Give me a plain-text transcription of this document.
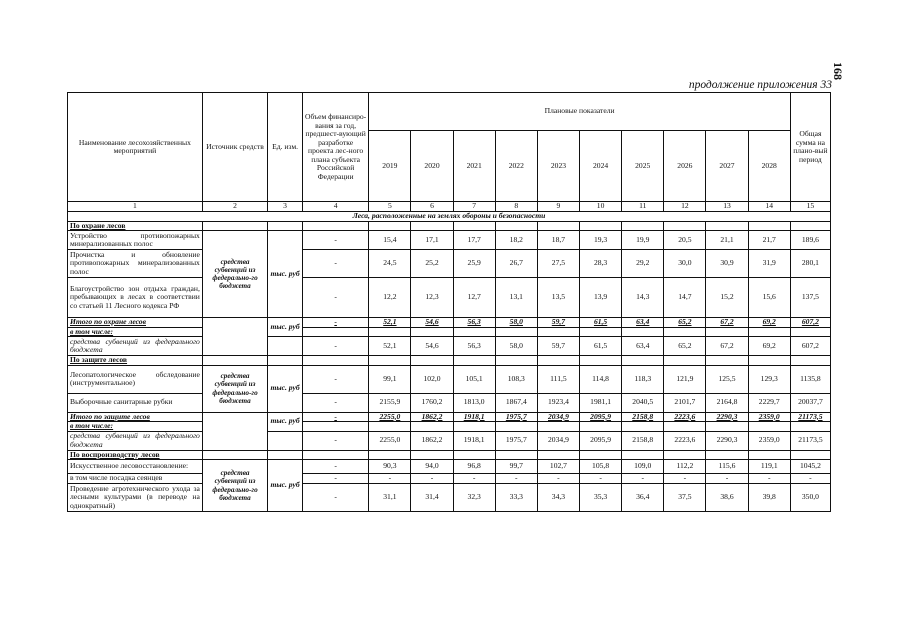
168
продолжение приложения 33
Наименование лесохозяйственных мероприятий	Источник средств	Ед. изм.	Объем финансиро-вания за год, предшест-вующий разработке проекта лес-ного плана субъекта Российской Федерации	Плановые показатели										Общая сумма на плано-вый период
				2019	2020	2021	2022	2023	2024	2025	2026	2027	2028	
1	2	3	4	5	6	7	8	9	10	11	12	13	14	15
Леса, расположенные на землях обороны и безопасности														
По охране лесов														
Устройство противопожарных минерализованных полос	средства субвенций из федерально-го бюджета	тыс. руб	-	15,4	17,1	17,7	18,2	18,7	19,3	19,9	20,5	21,1	21,7	189,6
Прочистка и обновление противопожарных минерализованных полос			-	24,5	25,2	25,9	26,7	27,5	28,3	29,2	30,0	30,9	31,9	280,1
Благоустройство зон отдыха граждан, пребывающих в лесах в соответствии со статьей 11 Лесного кодекса РФ			-	12,2	12,3	12,7	13,1	13,5	13,9	14,3	14,7	15,2	15,6	137,5
Итого по охране лесов		тыс. руб	-	52,1	54,6	56,3	58,0	59,7	61,5	63,4	65,2	67,2	69,2	607,2
в том числе:														
средства субвенций из федерального бюджета			-	52,1	54,6	56,3	58,0	59,7	61,5	63,4	65,2	67,2	69,2	607,2
По защите лесов														
Лесопатологическое обследование (инструментальное)	средства субвенций из федерально-го бюджета	тыс. руб	-	99,1	102,0	105,1	108,3	111,5	114,8	118,3	121,9	125,5	129,3	1135,8
Выборочные санитарные рубки			-	2155,9	1760,2	1813,0	1867,4	1923,4	1981,1	2040,5	2101,7	2164,8	2229,7	20037,7
Итого по защите лесов		тыс. руб	-	2255,0	1862,2	1918,1	1975,7	2034,9	2095,9	2158,8	2223,6	2290,3	2359,0	21173,5
в том числе:														
средства субвенций из федерального бюджета			-	2255,0	1862,2	1918,1	1975,7	2034,9	2095,9	2158,8	2223,6	2290,3	2359,0	21173,5
По воспроизводству лесов														
Искусственное лесовосстановление:	средства субвенций из федерально-го бюджета	тыс. руб	-	90,3	94,0	96,8	99,7	102,7	105,8	109,0	112,2	115,6	119,1	1045,2
в том числе посадка сеянцев			-	-	-	-	-	-	-	-	-	-	-	-
Проведение агротехнического ухода за лесными культурами (в переводе на однократный)			-	31,1	31,4	32,3	33,3	34,3	35,3	36,4	37,5	38,6	39,8	350,0
